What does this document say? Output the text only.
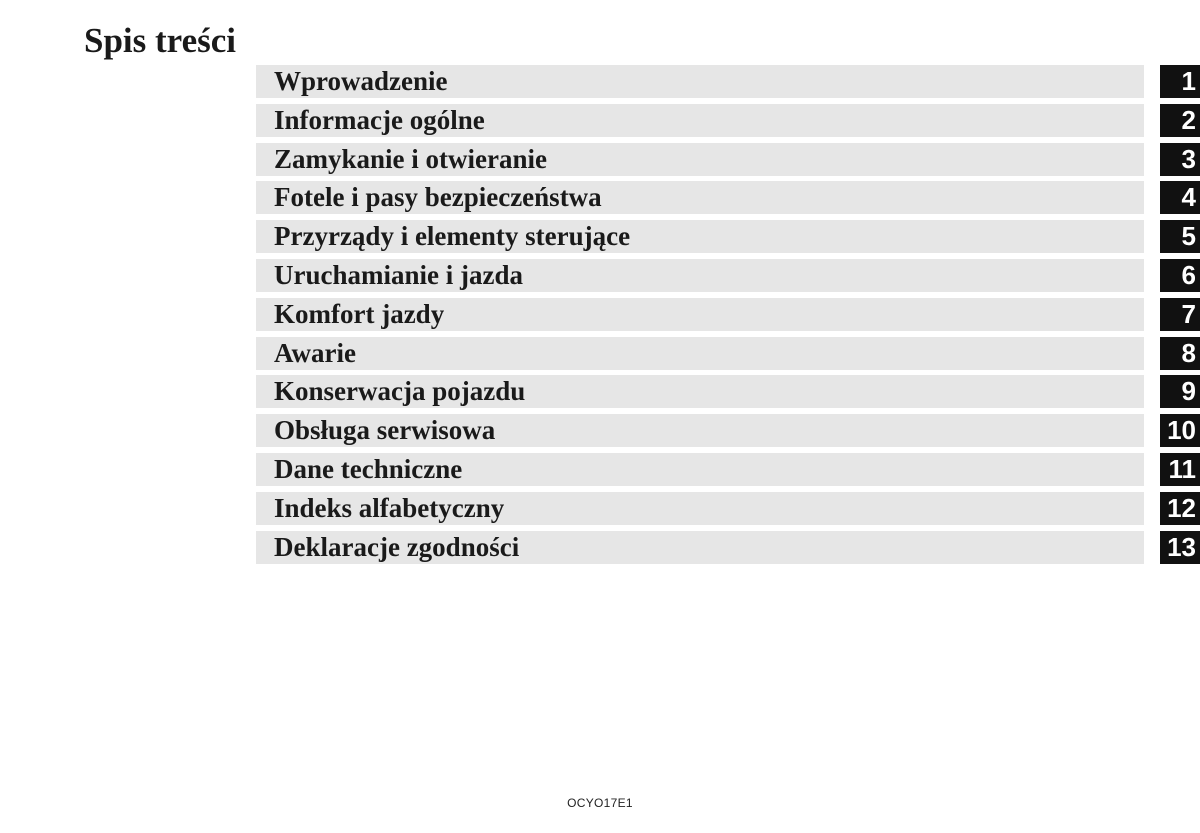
Spis treści
Wprowadzenie	1
Informacje ogólne	2
Zamykanie i otwieranie	3
Fotele i pasy bezpieczeństwa	4
Przyrządy i elementy sterujące	5
Uruchamianie i jazda	6
Komfort jazdy	7
Awarie	8
Konserwacja pojazdu	9
Obsługa serwisowa	10
Dane techniczne	11
Indeks alfabetyczny	12
Deklaracje zgodności	13
OCYO17E1
